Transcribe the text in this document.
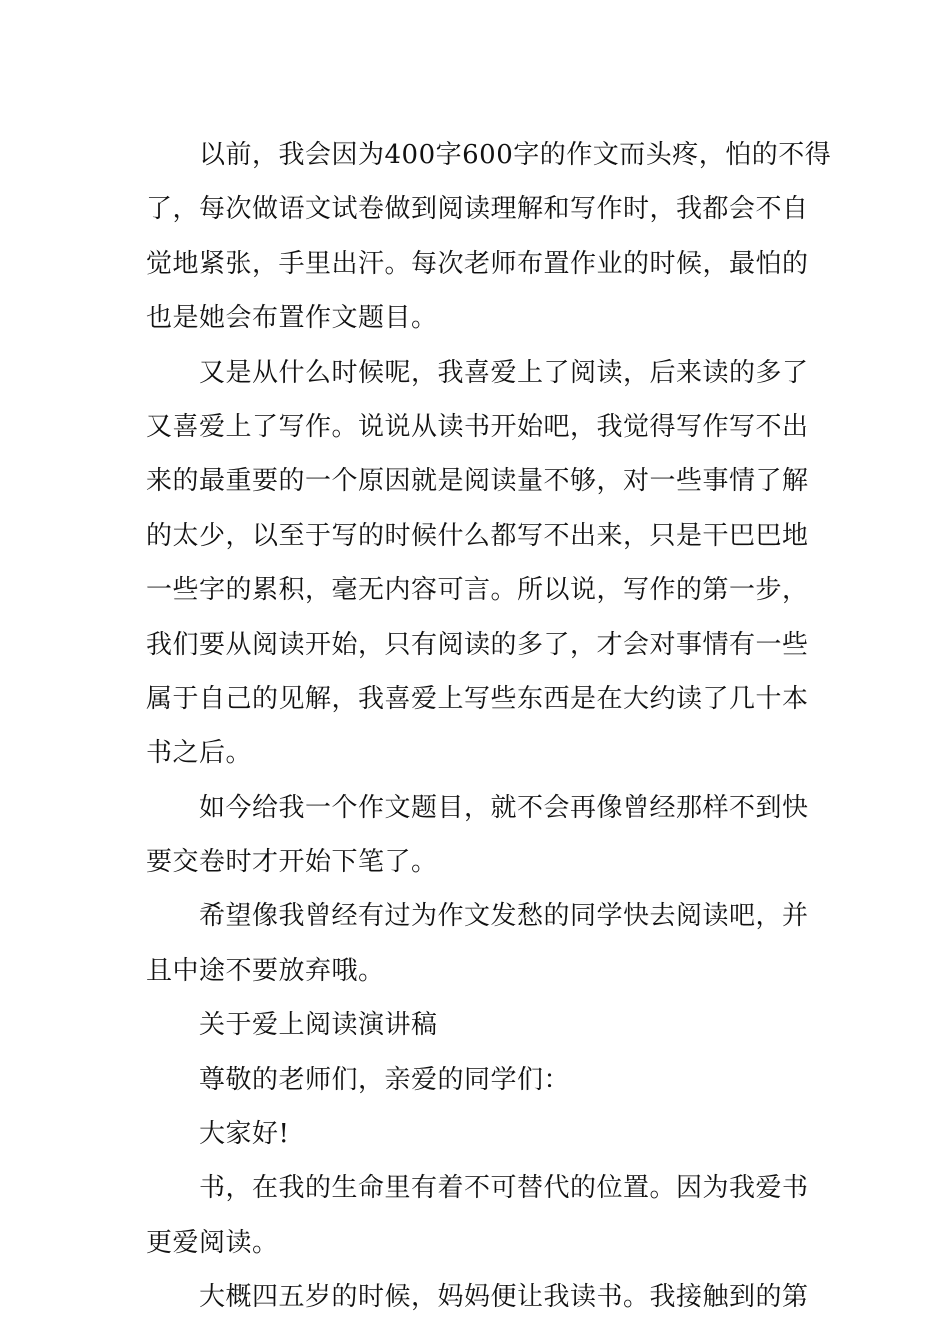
以前，我会因为400字600字的作文而头疼，怕的不得
了，每次做语文试卷做到阅读理解和写作时，我都会不自
觉地紧张，手里出汗。每次老师布置作业的时候，最怕的
也是她会布置作文题目。
又是从什么时候呢，我喜爱上了阅读，后来读的多了
又喜爱上了写作。说说从读书开始吧，我觉得写作写不出
来的最重要的一个原因就是阅读量不够，对一些事情了解
的太少，以至于写的时候什么都写不出来，只是干巴巴地
一些字的累积，毫无内容可言。所以说，写作的第一步，
我们要从阅读开始，只有阅读的多了，才会对事情有一些
属于自己的见解，我喜爱上写些东西是在大约读了几十本
书之后。
如今给我一个作文题目，就不会再像曾经那样不到快
要交卷时才开始下笔了。
希望像我曾经有过为作文发愁的同学快去阅读吧，并
且中途不要放弃哦。
关于爱上阅读演讲稿
尊敬的老师们，亲爱的同学们：
大家好!
书，在我的生命里有着不可替代的位置。因为我爱书
更爱阅读。
大概四五岁的时候，妈妈便让我读书。我接触到的第
